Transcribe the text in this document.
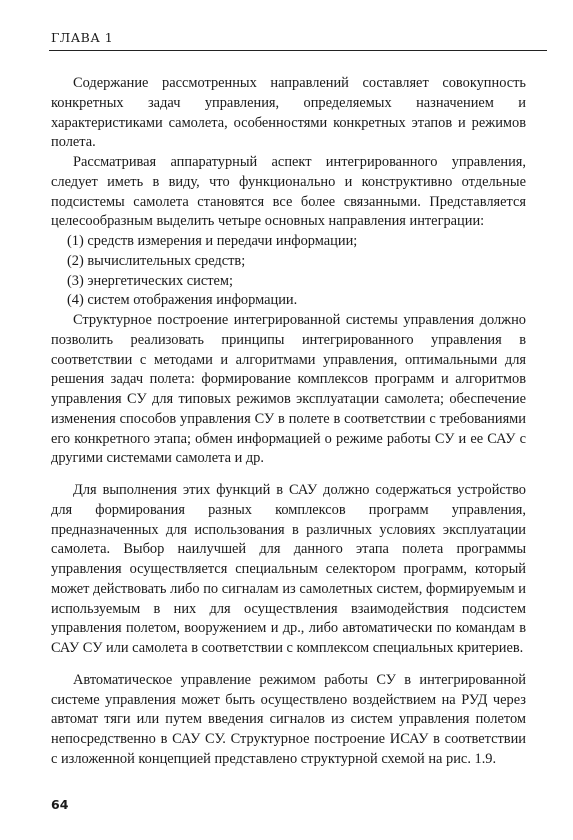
ГЛАВА 1

Содержание рассмотренных направлений составляет совокупность конкретных задач управления, определяемых назначением и характеристиками самолета, особенностями конкретных этапов и режимов полета.

Рассматривая аппаратурный аспект интегрированного управления, следует иметь в виду, что функционально и конструктивно отдельные подсистемы самолета становятся все более связанными. Представляется целесообразным выделить четыре основных направления интеграции:

(1) средств измерения и передачи информации;

(2) вычислительных средств;

(3) энергетических систем;

(4) систем отображения информации.

Структурное построение интегрированной системы управления должно позволить реализовать принципы интегрированного управления в соответствии с методами и алгоритмами управления, оптимальными для решения задач полета: формирование комплексов программ и алгоритмов управления СУ для типовых режимов эксплуатации самолета; обеспечение изменения способов управления СУ в полете в соответствии с требованиями его конкретного этапа; обмен информацией о режиме работы СУ и ее САУ с другими системами самолета и др.

Для выполнения этих функций в САУ должно содержаться устройство для формирования разных комплексов программ управления, предназначенных для использования в различных условиях эксплуатации самолета. Выбор наилучшей для данного этапа полета программы управления осуществляется специальным селектором программ, который может действовать либо по сигналам из самолетных систем, формируемым и используемым в них для осуществления взаимодействия подсистем управления полетом, вооружением и др., либо автоматически по командам в САУ СУ или самолета в соответствии с комплексом специальных критериев.

Автоматическое управление режимом работы СУ в интегрированной системе управления может быть осуществлено воздействием на РУД через автомат тяги или путем введения сигналов из систем управления полетом непосредственно в САУ СУ. Структурное построение ИСАУ в соответствии с изложенной концепцией представлено структурной схемой на рис. 1.9.

64
